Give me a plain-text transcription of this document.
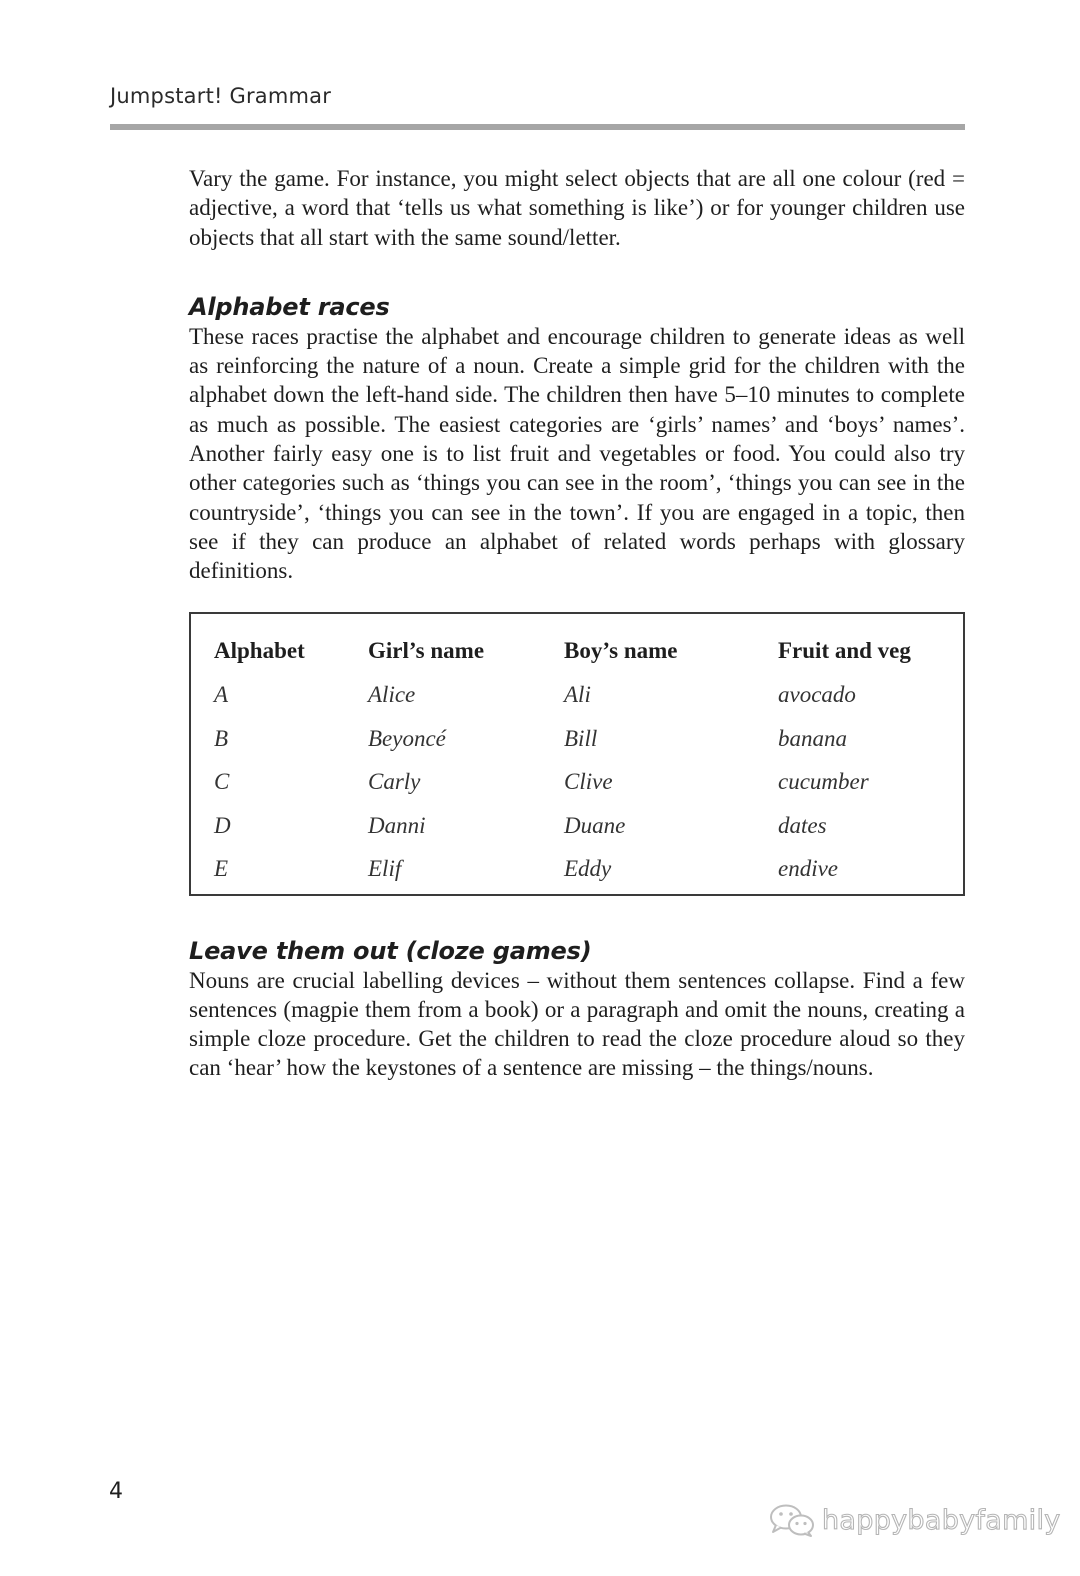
Jumpstart! Grammar

Vary the game. For instance, you might select objects that are all one colour (red = adjective, a word that ‘tells us what something is like’) or for younger children use objects that all start with the same sound/letter.

Alphabet races

These races practise the alphabet and encourage children to generate ideas as well as reinforcing the nature of a noun. Create a simple grid for the children with the alphabet down the left-hand side. The children then have 5–10 minutes to complete as much as possible. The easiest categories are ‘girls’ names’ and ‘boys’ names’. Another fairly easy one is to list fruit and vegetables or food. You could also try other categories such as ‘things you can see in the room’, ‘things you can see in the countryside’, ‘things you can see in the town’. If you are engaged in a topic, then see if they can produce an alphabet of related words perhaps with glossary definitions.

Alphabet	Girl’s name	Boy’s name	Fruit and veg
A	Alice	Ali	avocado
B	Beyoncé	Bill	banana
C	Carly	Clive	cucumber
D	Danni	Duane	dates
E	Elif	Eddy	endive
Leave them out (cloze games)

Nouns are crucial labelling devices – without them sentences collapse. Find a few sentences (magpie them from a book) or a paragraph and omit the nouns, creating a simple cloze procedure. Get the children to read the cloze procedure aloud so they can ‘hear’ how the keystones of a sentence are missing – the things/nouns.

4
happybabyfamily
